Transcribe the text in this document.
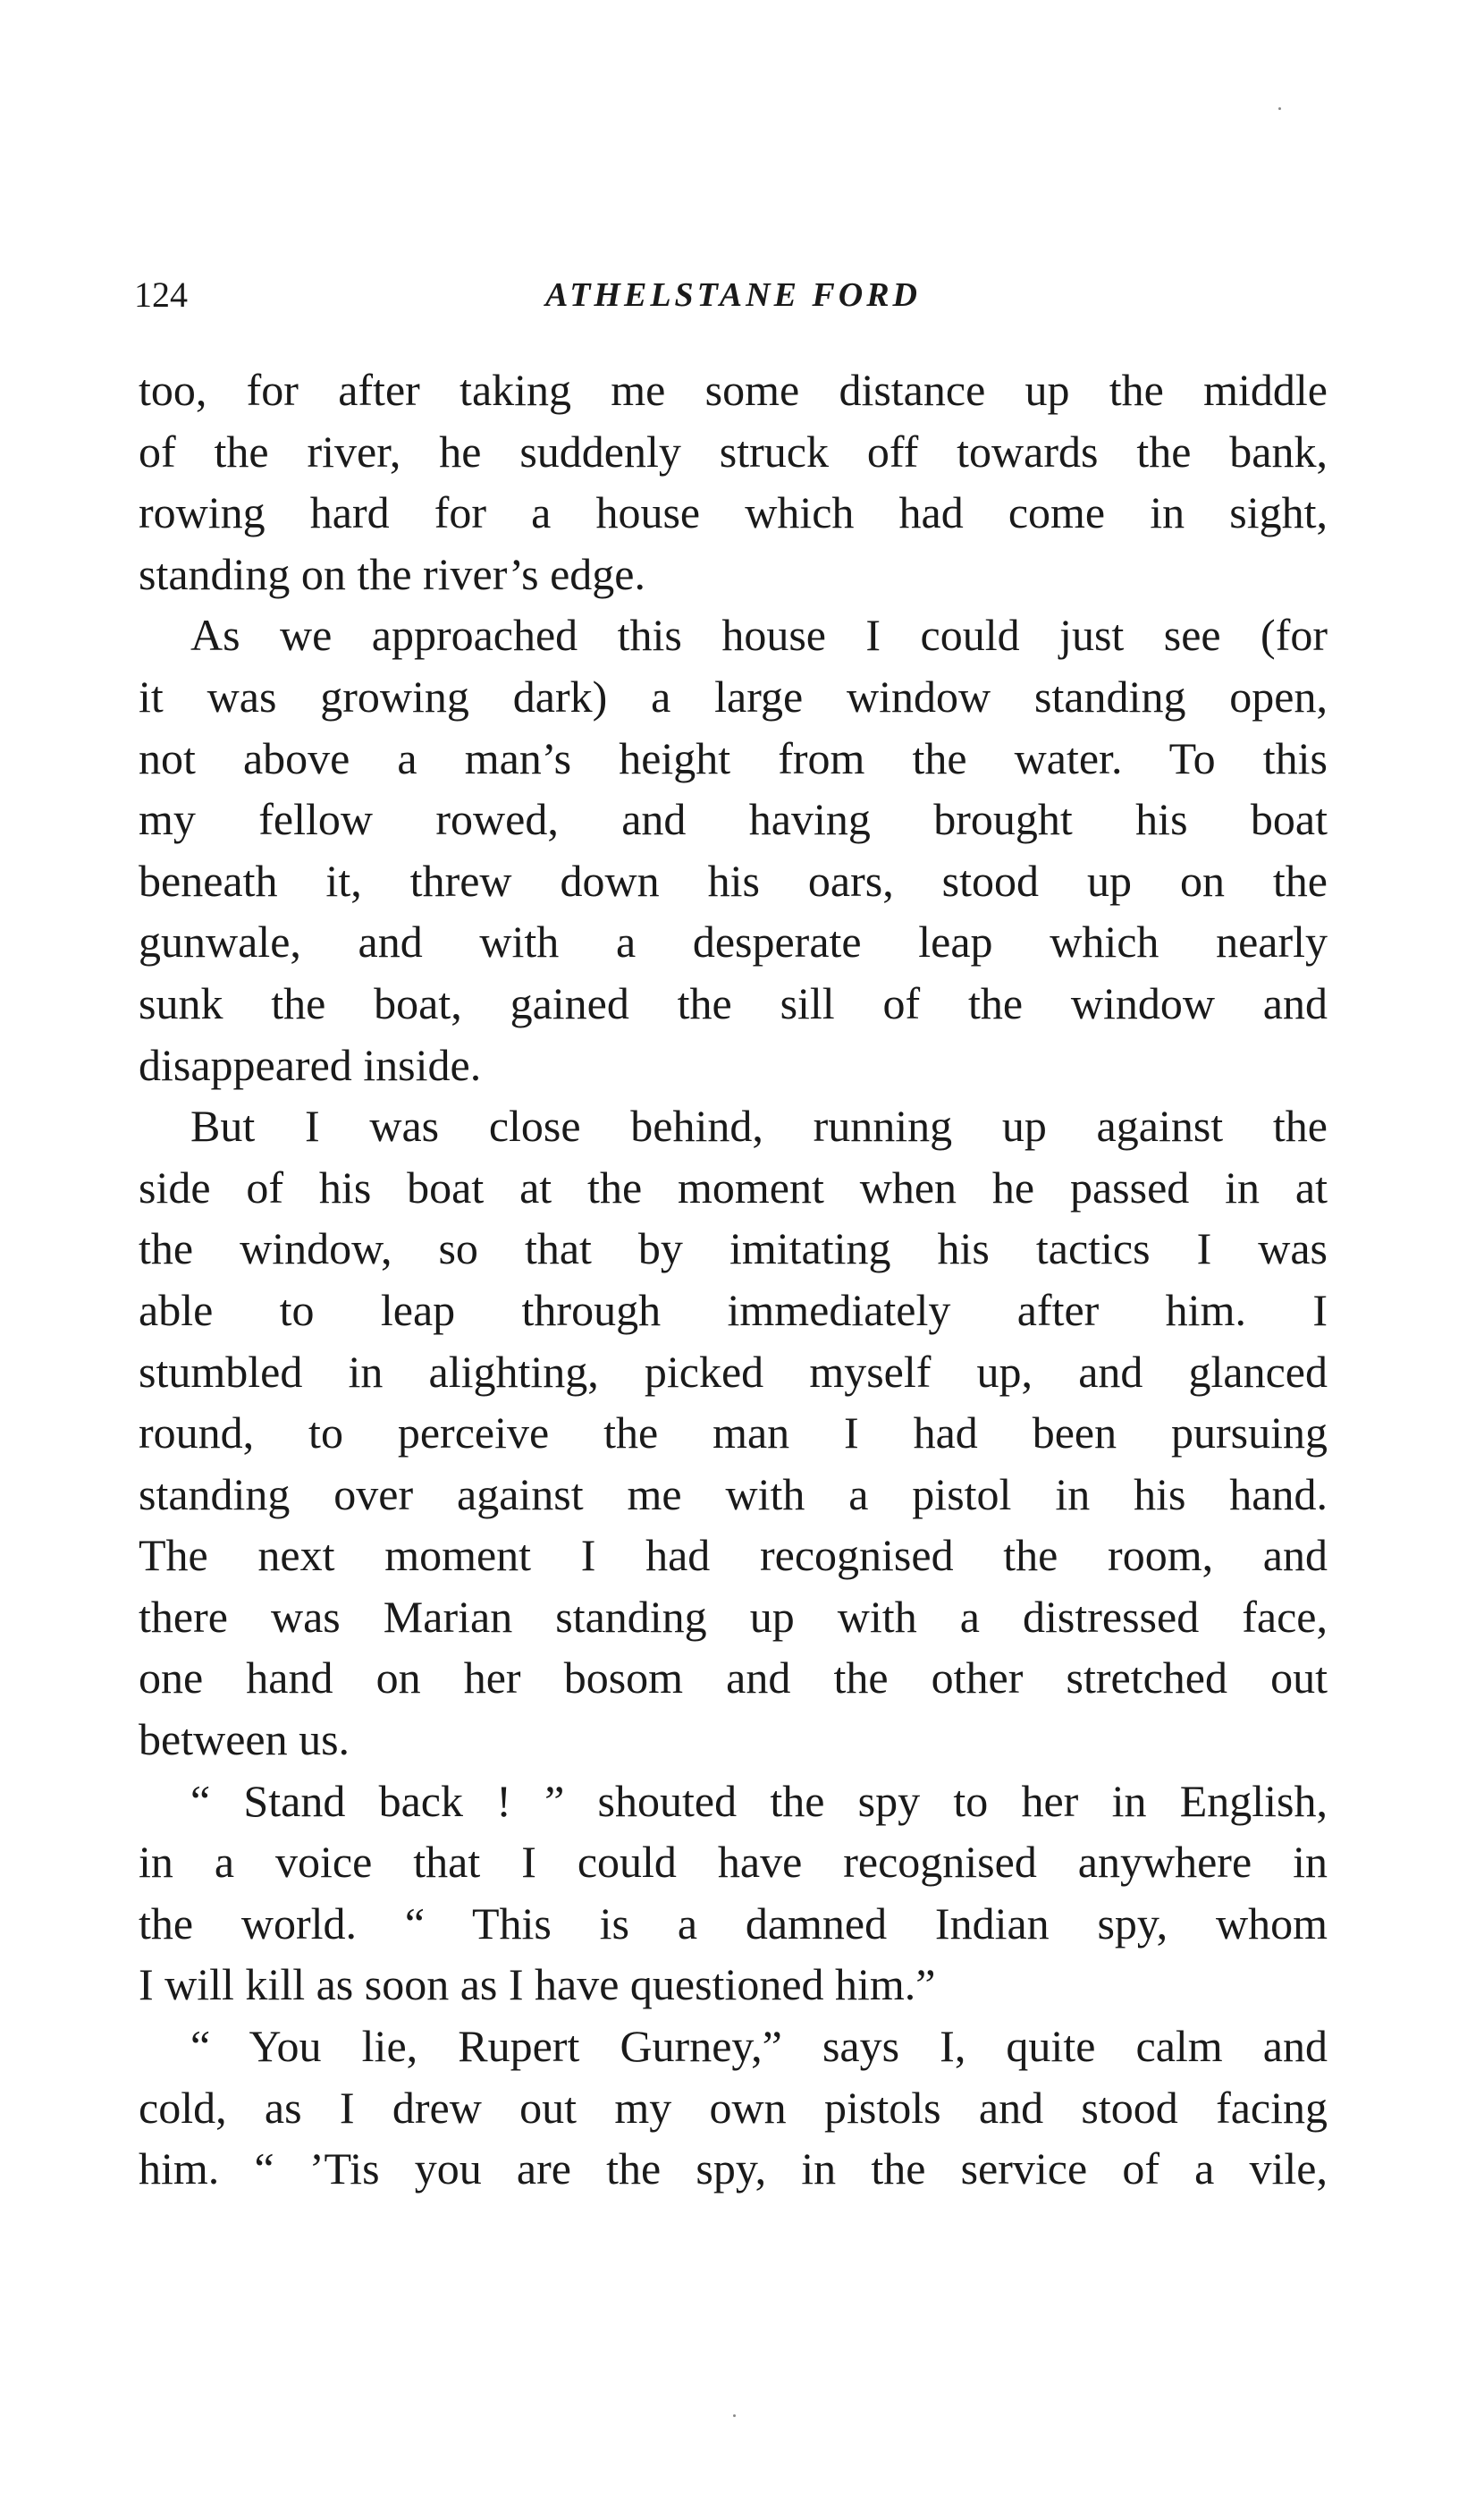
124	ATHELSTANE FORD
too, for after taking me some distance up the middle
of the river, he suddenly struck off towards the bank,
rowing hard for a house which had come in sight,
standing on the river’s edge.
As we approached this house I could just see (for
it was growing dark) a large window standing open,
not above a man’s height from the water. To this
my fellow rowed, and having brought his boat
beneath it, threw down his oars, stood up on the
gunwale, and with a desperate leap which nearly
sunk the boat, gained the sill of the window and
disappeared inside.
But I was close behind, running up against the
side of his boat at the moment when he passed in at
the window, so that by imitating his tactics I was
able to leap through immediately after him. I
stumbled in alighting, picked myself up, and glanced
round, to perceive the man I had been pursuing
standing over against me with a pistol in his hand.
The next moment I had recognised the room, and
there was Marian standing up with a distressed face,
one hand on her bosom and the other stretched out
between us.
“ Stand back ! ” shouted the spy to her in English,
in a voice that I could have recognised anywhere in
the world. “ This is a damned Indian spy, whom
I will kill as soon as I have questioned him.”
“ You lie, Rupert Gurney,” says I, quite calm and
cold, as I drew out my own pistols and stood facing
him. “ ’Tis you are the spy, in the service of a vile,
